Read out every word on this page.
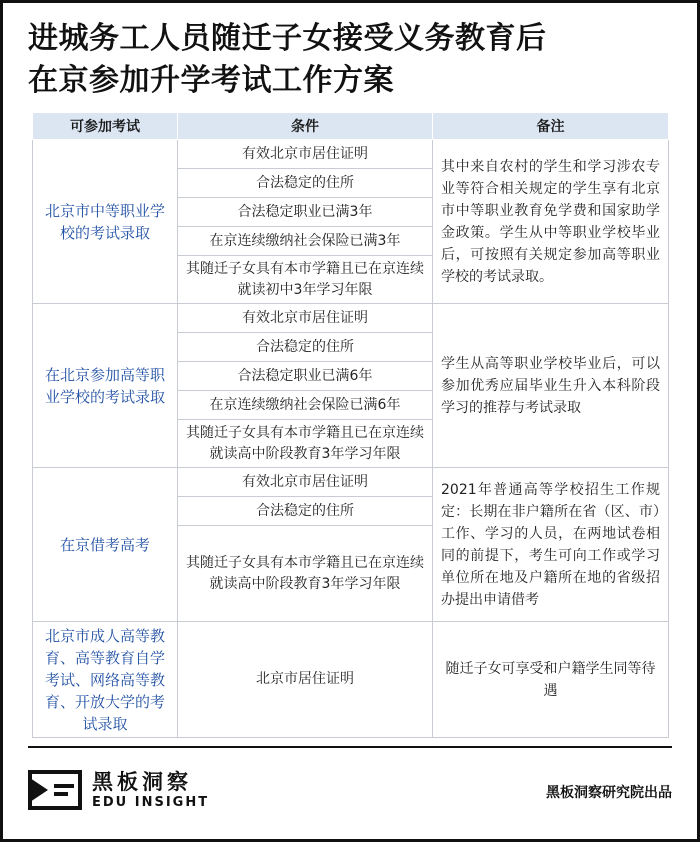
进城务工人员随迁子女接受义务教育后
在京参加升学考试工作方案
可参加考试	条件	备注
北京市中等职业学校的考试录取	有效北京市居住证明	其中来自农村的学生和学习涉农专业等符合相关规定的学生享有北京市中等职业教育免学费和国家助学金政策。学生从中等职业学校毕业后，可按照有关规定参加高等职业学校的考试录取。
	合法稳定的住所	
	合法稳定职业已满3年	
	在京连续缴纳社会保险已满3年	
	其随迁子女具有本市学籍且已在京连续就读初中3年学习年限	
在北京参加高等职业学校的考试录取	有效北京市居住证明	学生从高等职业学校毕业后，可以参加优秀应届毕业生升入本科阶段学习的推荐与考试录取
	合法稳定的住所	
	合法稳定职业已满6年	
	在京连续缴纳社会保险已满6年	
	其随迁子女具有本市学籍且已在京连续就读高中阶段教育3年学习年限	
在京借考高考	有效北京市居住证明	2021年普通高等学校招生工作规定：长期在非户籍所在省（区、市）工作、学习的人员，在两地试卷相同的前提下，考生可向工作或学习单位所在地及户籍所在地的省级招办提出申请借考
	合法稳定的住所	
	其随迁子女具有本市学籍且已在京连续就读高中阶段教育3年学习年限	
北京市成人高等教育、高等教育自学考试、网络高等教育、开放大学的考试录取	北京市居住证明	随迁子女可享受和户籍学生同等待遇
黑板洞察
EDU INSIGHT
黑板洞察研究院出品
